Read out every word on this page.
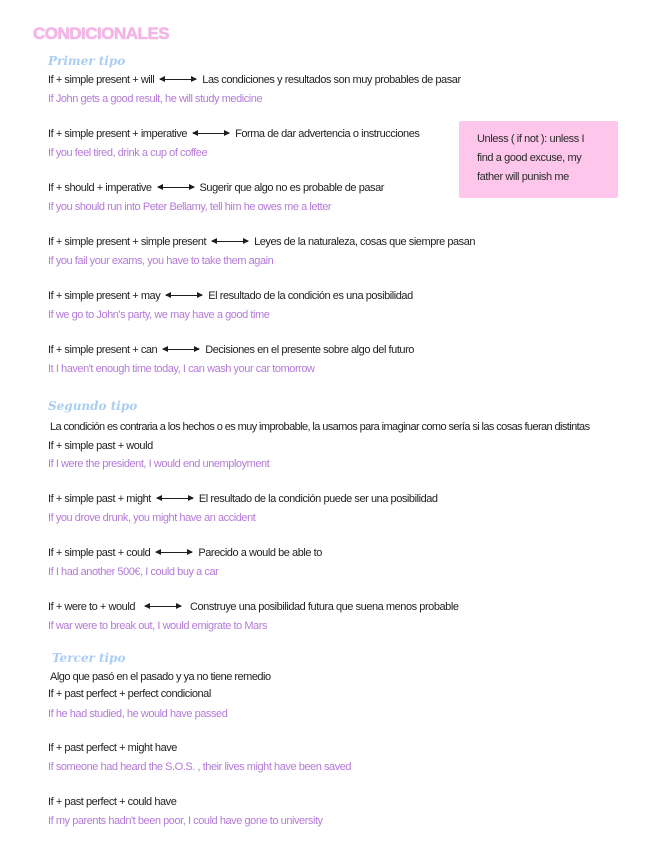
CONDICIONALES
Primer tipo
If + simple present + will	Las condiciones y resultados son muy probables de pasar
If John gets a good result, he will study medicine
If + simple present + imperative	Forma de dar advertencia o instrucciones
If you feel tired, drink a cup of coffee
If + should + imperative	Sugerir que algo no es probable de pasar
If you should run into Peter Bellamy, tell him he owes me a letter
If + simple present + simple present	Leyes de la naturaleza, cosas que siempre pasan
If you fail your exams, you have to take them again
If + simple present + may	El resultado de la condición es una posibilidad
If we go to John's party, we may have a good time
If + simple present + can	Decisiones en el presente sobre algo del futuro
It I haven't enough time today, I can wash your car tomorrow
Segundo tipo
La condición es contraria a los hechos o es muy improbable, la usamos para imaginar como sería si las cosas fueran distintas
If + simple past + would
If I were the president, I would end unemployment
If + simple past + might	El resultado de la condición puede ser una posibilidad
If you drove drunk, you might have an accident
If + simple past + could	Parecido a would be able to
If I had another 500€, I could buy a car
If + were to + would	Construye una posibilidad futura que suena menos probable
If war were to break out, I would emigrate to Mars
Tercer tipo
Algo que pasó en el pasado y ya no tiene remedio
If + past perfect + perfect condicional
If he had studied, he would have passed
If + past perfect + might have
If someone had heard the S.O.S. , their lives might have been saved
If + past perfect + could have
If my parents hadn't been poor, I could have gone to university
Unless ( if not ): unless I
find a good excuse, my
father will punish me
